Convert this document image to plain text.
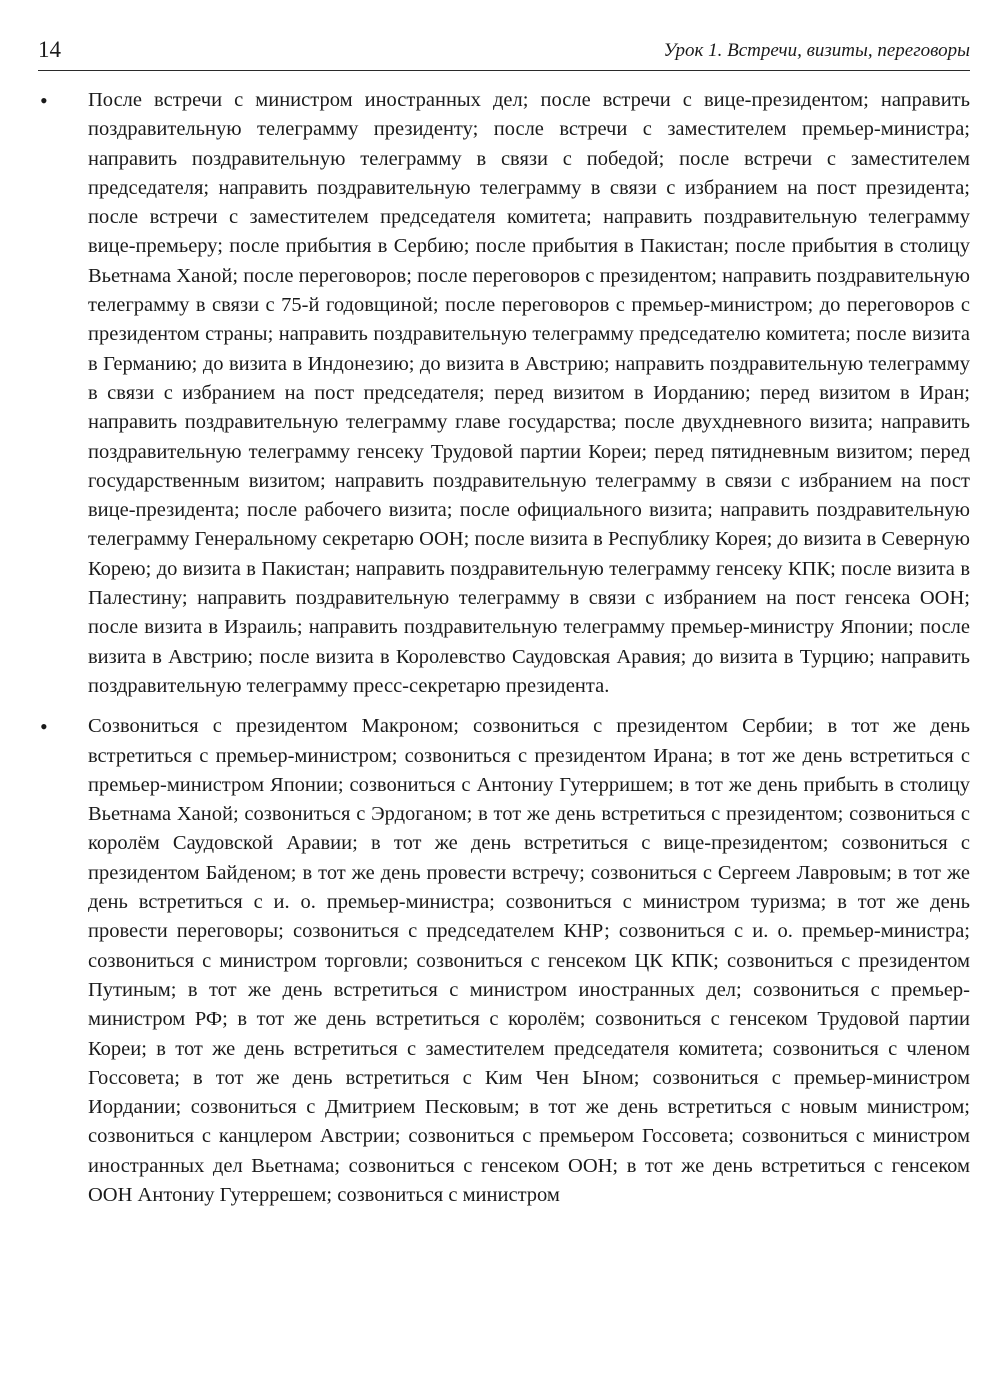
14	Урок 1. Встречи, визиты, переговоры
• После встречи с министром иностранных дел; после встречи с вице-президентом; направить поздравительную телеграмму президенту; после встречи с заместителем премьер-министра; направить поздравительную телеграмму в связи с победой; после встречи с заместителем председателя; направить поздравительную телеграмму в связи с избранием на пост президента; после встречи с заместителем председателя комитета; направить поздравительную телеграмму вице-премьеру; после прибытия в Сербию; после прибытия в Пакистан; после прибытия в столицу Вьетнама Ханой; после переговоров; после переговоров с президентом; направить поздравительную телеграмму в связи с 75-й годовщиной; после переговоров с премьер-министром; до переговоров с президентом страны; направить поздравительную телеграмму председателю комитета; после визита в Германию; до визита в Индонезию; до визита в Австрию; направить поздравительную телеграмму в связи с избранием на пост председателя; перед визитом в Иорданию; перед визитом в Иран; направить поздравительную телеграмму главе государства; после двухдневного визита; направить поздравительную телеграмму генсеку Трудовой партии Кореи; перед пятидневным визитом; перед государственным визитом; направить поздравительную телеграмму в связи с избранием на пост вице-президента; после рабочего визита; после официального визита; направить поздравительную телеграмму Генеральному секретарю ООН; после визита в Республику Корея; до визита в Северную Корею; до визита в Пакистан; направить поздравительную телеграмму генсеку КПК; после визита в Палестину; направить поздравительную телеграмму в связи с избранием на пост генсека ООН; после визита в Израиль; направить поздравительную телеграмму премьер-министру Японии; после визита в Австрию; после визита в Королевство Саудовская Аравия; до визита в Турцию; направить поздравительную телеграмму пресс-секретарю президента.
• Созвониться с президентом Макроном; созвониться с президентом Сербии; в тот же день встретиться с премьер-министром; созвониться с президентом Ирана; в тот же день встретиться с премьер-министром Японии; созвониться с Антониу Гутерришем; в тот же день прибыть в столицу Вьетнама Ханой; созвониться с Эрдоганом; в тот же день встретиться с президентом; созвониться с королём Саудовской Аравии; в тот же день встретиться с вице-президентом; созвониться с президентом Байденом; в тот же день провести встречу; созвониться с Сергеем Лавровым; в тот же день встретиться с и. о. премьер-министра; созвониться с министром туризма; в тот же день провести переговоры; созвониться с председателем КНР; созвониться с и. о. премьер-министра; созвониться с министром торговли; созвониться с генсеком ЦК КПК; созвониться с президентом Путиным; в тот же день встретиться с министром иностранных дел; созвониться с премьер-министром РФ; в тот же день встретиться с королём; созвониться с генсеком Трудовой партии Кореи; в тот же день встретиться с заместителем председателя комитета; созвониться с членом Госсовета; в тот же день встретиться с Ким Чен Ыном; созвониться с премьер-министром Иордании; созвониться с Дмитрием Песковым; в тот же день встретиться с новым министром; созвониться с канцлером Австрии; созвониться с премьером Госсовета; созвониться с министром иностранных дел Вьетнама; созвониться с генсеком ООН; в тот же день встретиться с генсеком ООН Антониу Гутеррешем; созвониться с министром
